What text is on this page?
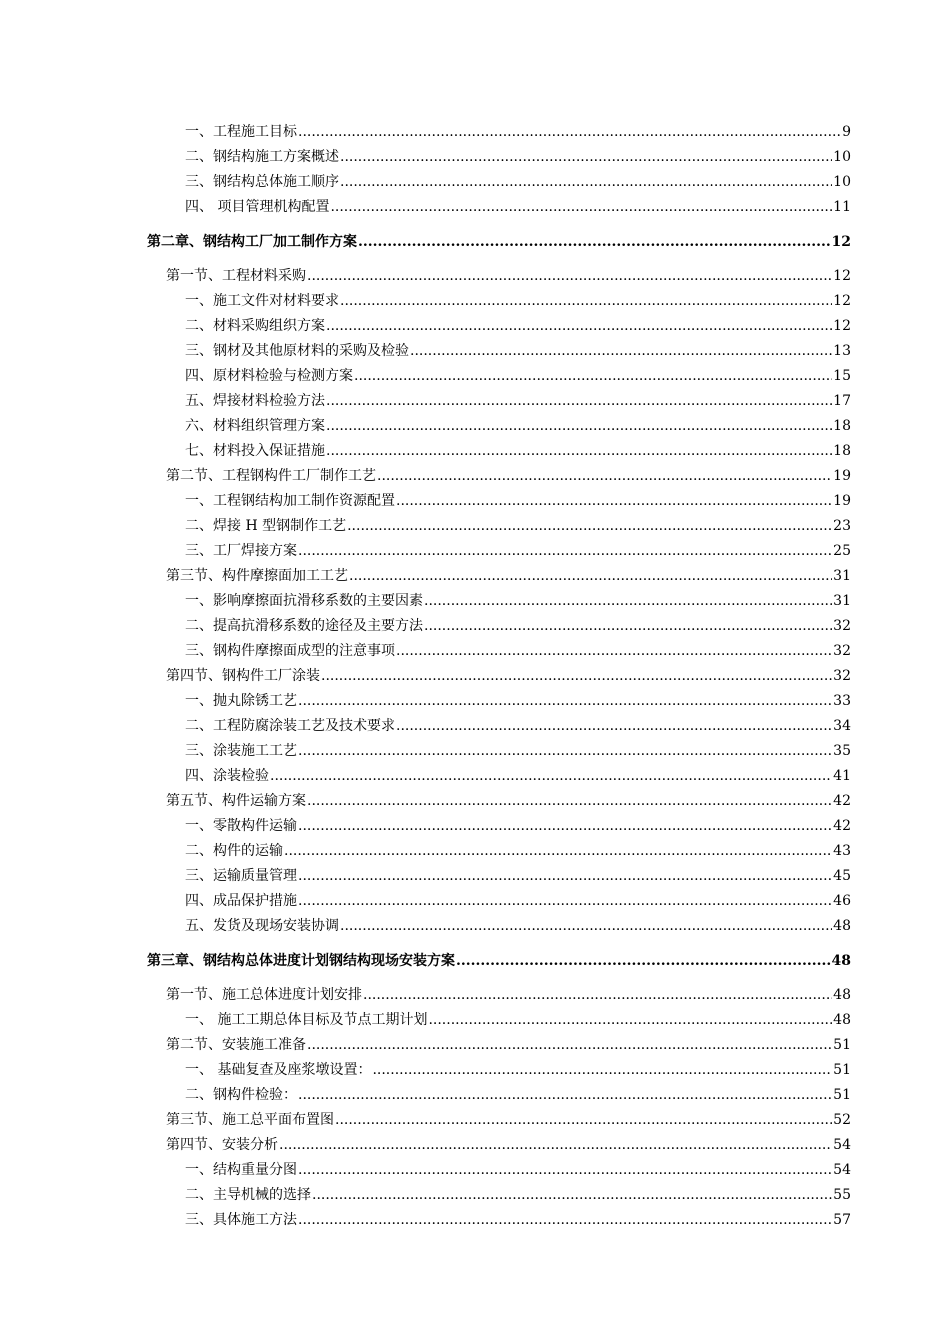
一、工程施工目标 .....	9
二、钢结构施工方案概述 .....	10
三、钢结构总体施工顺序 .....	10
四、 项目管理机构配置 .....	11
第二章、钢结构工厂加工制作方案 .....	12
第一节、工程材料采购 .....	12
一、施工文件对材料要求 .....	12
二、材料采购组织方案 .....	12
三、钢材及其他原材料的采购及检验 .....	13
四、原材料检验与检测方案 .....	15
五、焊接材料检验方法 .....	17
六、材料组织管理方案 .....	18
七、材料投入保证措施 .....	18
第二节、工程钢构件工厂制作工艺 .....	19
一、工程钢结构加工制作资源配置 .....	19
二、焊接 H 型钢制作工艺 .....	23
三、工厂焊接方案 .....	25
第三节、构件摩擦面加工工艺 .....	31
一、影响摩擦面抗滑移系数的主要因素 .....	31
二、提高抗滑移系数的途径及主要方法 .....	32
三、钢构件摩擦面成型的注意事项 .....	32
第四节、钢构件工厂涂装 .....	32
一、抛丸除锈工艺 .....	33
二、工程防腐涂装工艺及技术要求 .....	34
三、涂装施工工艺 .....	35
四、涂装检验 .....	41
第五节、构件运输方案 .....	42
一、零散构件运输 .....	42
二、构件的运输 .....	43
三、运输质量管理 .....	45
四、成品保护措施 .....	46
五、发货及现场安装协调 .....	48
第三章、钢结构总体进度计划钢结构现场安装方案 .....	48
第一节、施工总体进度计划安排 .....	48
一、 施工工期总体目标及节点工期计划 .....	48
第二节、安装施工准备 .....	51
一、 基础复查及座浆墩设置： .....	51
二、钢构件检验： .....	51
第三节、施工总平面布置图 .....	52
第四节、安装分析 .....	54
一、结构重量分图 .....	54
二、主导机械的选择 .....	55
三、具体施工方法 .....	57
